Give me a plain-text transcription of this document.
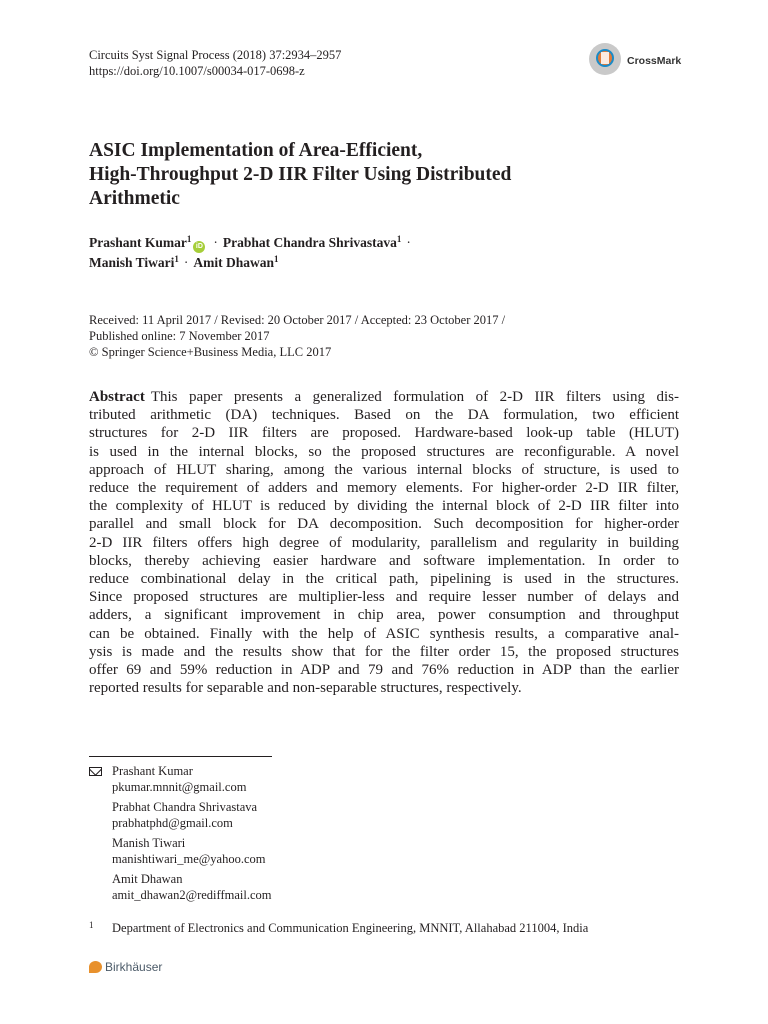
Circuits Syst Signal Process (2018) 37:2934–2957
https://doi.org/10.1007/s00034-017-0698-z
CrossMark
ASIC Implementation of Area-Efficient,
High-Throughput 2-D IIR Filter Using Distributed
Arithmetic
Prashant Kumar$^1$iD · Prabhat Chandra Shrivastava$^1$ ·
Manish Tiwari$^1$ · Amit Dhawan$^1$
Received: 11 April 2017 / Revised: 20 October 2017 / Accepted: 23 October 2017 /
Published online: 7 November 2017
© Springer Science+Business Media, LLC 2017
Abstract This paper presents a generalized formulation of 2-D IIR filters using dis-
tributed arithmetic (DA) techniques. Based on the DA formulation, two efficient
structures for 2-D IIR filters are proposed. Hardware-based look-up table (HLUT)
is used in the internal blocks, so the proposed structures are reconfigurable. A novel
approach of HLUT sharing, among the various internal blocks of structure, is used to
reduce the requirement of adders and memory elements. For higher-order 2-D IIR filter,
the complexity of HLUT is reduced by dividing the internal block of 2-D IIR filter into
parallel and small block for DA decomposition. Such decomposition for higher-order
2-D IIR filters offers high degree of modularity, parallelism and regularity in building
blocks, thereby achieving easier hardware and software implementation. In order to
reduce combinational delay in the critical path, pipelining is used in the structures.
Since proposed structures are multiplier-less and require lesser number of delays and
adders, a significant improvement in chip area, power consumption and throughput
can be obtained. Finally with the help of ASIC synthesis results, a comparative anal-
ysis is made and the results show that for the filter order 15, the proposed structures
offer 69 and 59% reduction in ADP and 79 and 76% reduction in ADP than the earlier
reported results for separable and non-separable structures, respectively.
Prashant Kumar
pkumar.mnnit@gmail.com
Prabhat Chandra Shrivastava
prabhatphd@gmail.com
Manish Tiwari
manishtiwari_me@yahoo.com
Amit Dhawan
amit_dhawan2@rediffmail.com
1 Department of Electronics and Communication Engineering, MNNIT, Allahabad 211004, India
Birkhäuser
